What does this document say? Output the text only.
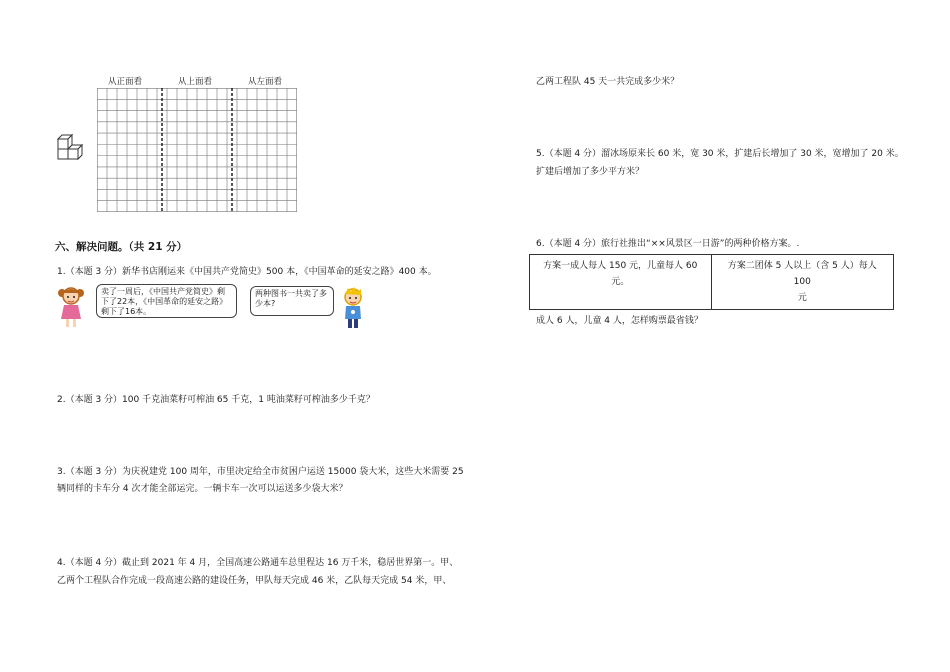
从正面看	从上面看	从左面看
六、解决问题。（共 21 分）
1.（本题 3 分）新华书店刚运来《中国共产党简史》500 本，《中国革命的延安之路》400 本。
卖了一周后，《中国共产党简史》剩
下了22本，《中国革命的延安之路》
剩下了16本。
两种图书一共卖了多
少本?
2.（本题 3 分）100 千克油菜籽可榨油 65 千克，1 吨油菜籽可榨油多少千克？
3.（本题 3 分）为庆祝建党 100 周年，市里决定给全市贫困户运送 15000 袋大米，这些大米需要 25
辆同样的卡车分 4 次才能全部运完。一辆卡车一次可以运送多少袋大米？
4.（本题 4 分）截止到 2021 年 4 月，全国高速公路通车总里程达 16 万千米，稳居世界第一。甲、
乙两个工程队合作完成一段高速公路的建设任务，甲队每天完成 46 米，乙队每天完成 54 米，甲、
乙两工程队 45 天一共完成多少米？
5.（本题 4 分）溜冰场原来长 60 米，宽 30 米，扩建后长增加了 30 米，宽增加了 20 米。
扩建后增加了多少平方米？
6.（本题 4 分）旅行社推出“××风景区一日游”的两种价格方案。.
方案一成人每人 150 元，儿童每人 60
元。

方案二团体 5 人以上（含 5 人）每人 100
元
成人 6 人，儿童 4 人，怎样购票最省钱？
